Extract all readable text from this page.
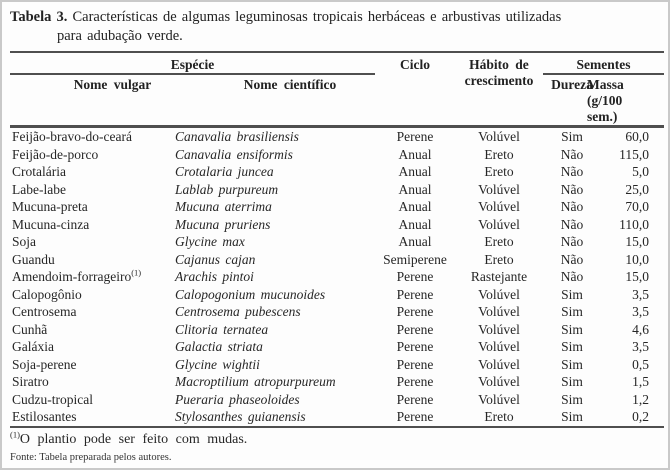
Tabela 3. Características de algumas leguminosas tropicais herbáceas e arbustivas utilizadas
para adubação verde.
Espécie		Ciclo	Hábito de crescimento	Sementes	
Nome vulgar	Nome científico			Dureza	Massa (g/100 sem.)
Feijão-bravo-do-ceará	Canavalia brasiliensis	Perene	Volúvel	Sim	60,0
Feijão-de-porco	Canavalia ensiformis	Anual	Ereto	Não	115,0
Crotalária	Crotalaria juncea	Anual	Ereto	Não	5,0
Labe-labe	Lablab purpureum	Anual	Volúvel	Não	25,0
Mucuna-preta	Mucuna aterrima	Anual	Volúvel	Não	70,0
Mucuna-cinza	Mucuna pruriens	Anual	Volúvel	Não	110,0
Soja	Glycine max	Anual	Ereto	Não	15,0
Guandu	Cajanus cajan	Semiperene	Ereto	Não	10,0
Amendoim-forrageiro$^{(1)}$	Arachis pintoi	Perene	Rastejante	Não	15,0
Calopogônio	Calopogonium mucunoides	Perene	Volúvel	Sim	3,5
Centrosema	Centrosema pubescens	Perene	Volúvel	Sim	3,5
Cunhã	Clitoria ternatea	Perene	Volúvel	Sim	4,6
Galáxia	Galactia striata	Perene	Volúvel	Sim	3,5
Soja-perene	Glycine wightii	Perene	Volúvel	Sim	0,5
Siratro	Macroptilium atropurpureum	Perene	Volúvel	Sim	1,5
Cudzu-tropical	Pueraria phaseoloides	Perene	Volúvel	Sim	1,2
Estilosantes	Stylosanthes guianensis	Perene	Ereto	Sim	0,2
$^{(1)}$O plantio pode ser feito com mudas.
Fonte: Tabela preparada pelos autores.
